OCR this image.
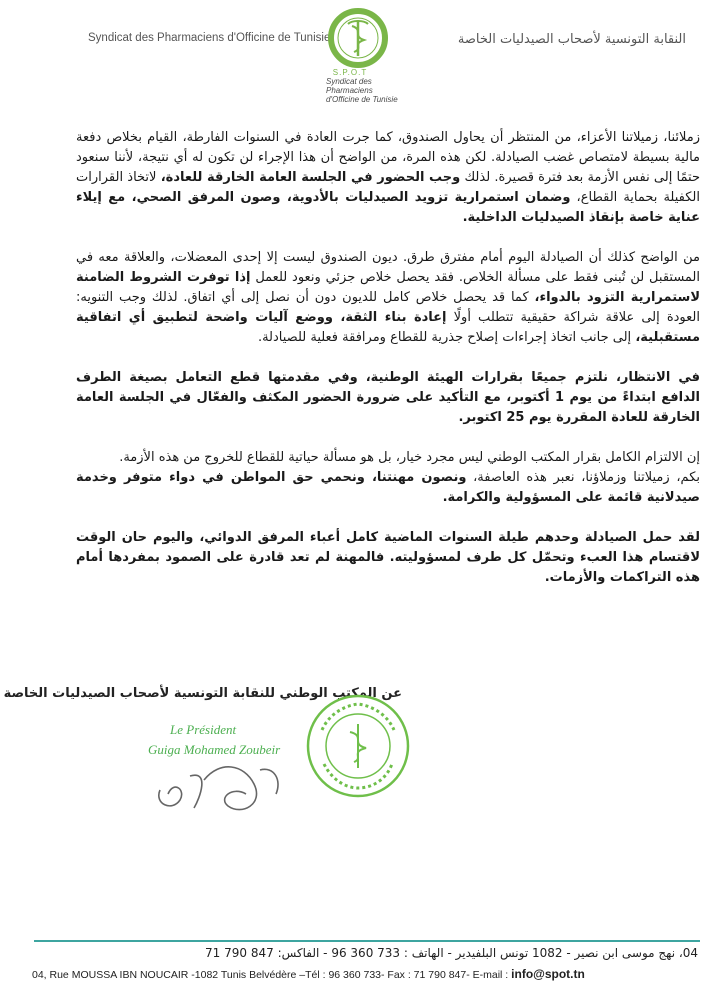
Syndicat des Pharmaciens d'Officine de Tunisie	النقابة التونسية لأصحاب الصيدليات الخاصة
S.P.O.T
Syndicat des Pharmaciens
d'Officine de Tunisie

زملائنا، زميلاتنا الأعزاء، من المنتظر أن يحاول الصندوق، كما جرت العادة في السنوات الفارطة، القيام بخلاص دفعة مالية بسيطة لامتصاص غضب الصيادلة. لكن هذه المرة، من الواضح أن هذا الإجراء لن تكون له أي نتيجة، لأننا سنعود حتمًا إلى نفس الأزمة بعد فترة قصيرة. لذلك وجب الحضور في الجلسة العامة الخارقة للعادة، لاتخاذ القرارات الكفيلة بحماية القطاع، وضمان استمرارية تزويد الصيدليات بالأدوية، وصون المرفق الصحي، مع إيلاء عناية خاصة بإنقاذ الصيدليات الداخلية.

من الواضح كذلك أن الصيادلة اليوم أمام مفترق طرق. ديون الصندوق ليست إلا إحدى المعضلات، والعلاقة معه في المستقبل لن تُبنى فقط على مسألة الخلاص. فقد يحصل خلاص جزئي ونعود للعمل إذا توفرت الشروط الضامنة لاستمرارية التزود بالدواء، كما قد يحصل خلاص كامل للديون دون أن نصل إلى أي اتفاق. لذلك وجب التنويه: العودة إلى علاقة شراكة حقيقية تتطلب أولًا إعادة بناء الثقة، ووضع آليات واضحة لتطبيق أي اتفاقية مستقبلية، إلى جانب اتخاذ إجراءات إصلاح جذرية للقطاع ومرافقة فعلية للصيادلة.

في الانتظار، نلتزم جميعًا بقرارات الهيئة الوطنية، وفي مقدمتها قطع التعامل بصيغة الطرف الدافع ابتداءً من يوم 1 أكتوبر، مع التأكيد على ضرورة الحضور المكثف والفعّال في الجلسة العامة الخارقة للعادة المقررة يوم 25 اكتوبر.

إن الالتزام الكامل بقرار المكتب الوطني ليس مجرد خيار، بل هو مسألة حياتية للقطاع للخروج من هذه الأزمة.

بكم، زميلاتنا وزملاؤنا، نعبر هذه العاصفة، ونصون مهنتنا، ونحمي حق المواطن في دواء متوفر وخدمة صيدلانية قائمة على المسؤولية والكرامة.

لقد حمل الصيادلة وحدهم طيلة السنوات الماضية كامل أعباء المرفق الدوائي، واليوم حان الوقت لاقتسام هذا العبء وتحمّل كل طرف لمسؤوليته. فالمهنة لم تعد قادرة على الصمود بمفردها أمام هذه التراكمات والأزمات.

عن المكتب الوطني للنقابة التونسية لأصحاب الصيدليات الخاصة
Le Président
Guiga Mohamed Zoubeir
04، نهج موسى ابن نصير - 1082 تونس البلفيدير - الهاتف : 733 360 96 - الفاكس: 847 790 71
04, Rue MOUSSA IBN NOUCAIR -1082 Tunis Belvédère –Tél : 96 360 733- Fax : 71 790 847- E-mail : info@spot.tn
